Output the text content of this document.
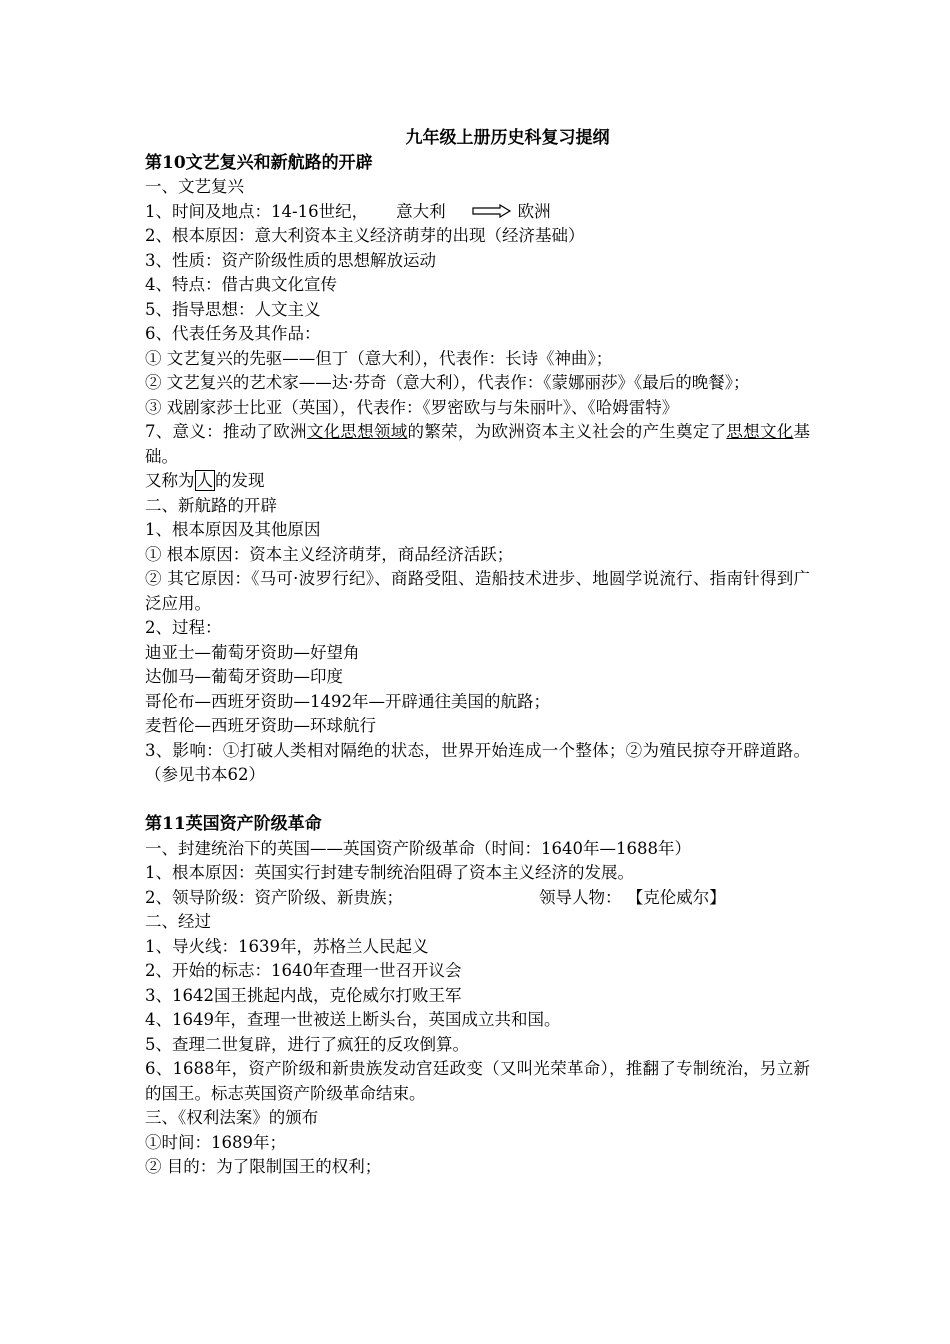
九年级上册历史科复习提纲
第10文艺复兴和新航路的开辟
一、文艺复兴
1、时间及地点：14-16世纪， 意大利	欧洲
2、根本原因：意大利资本主义经济萌芽的出现（经济基础）
3、性质：资产阶级性质的思想解放运动
4、特点：借古典文化宣传
5、指导思想：人文主义
6、代表任务及其作品：
① 文艺复兴的先驱——但丁（意大利），代表作：长诗《神曲》；
② 文艺复兴的艺术家——达·芬奇（意大利），代表作：《蒙娜丽莎》《最后的晚餐》；
③ 戏剧家莎士比亚（英国），代表作：《罗密欧与与朱丽叶》、《哈姆雷特》
7、意义：推动了欧洲文化思想领域的繁荣，为欧洲资本主义社会的产生奠定了思想文化基础。
又称为 人 的发现
二、新航路的开辟
1、根本原因及其他原因
① 根本原因：资本主义经济萌芽，商品经济活跃；
② 其它原因：《马可·波罗行纪》、商路受阻、造船技术进步、地圆学说流行、指南针得到广泛应用。
2、过程：
迪亚士—葡萄牙资助—好望角
达伽马—葡萄牙资助—印度
哥伦布—西班牙资助—1492年—开辟通往美国的航路；
麦哲伦—西班牙资助—环球航行
3、影响：①打破人类相对隔绝的状态，世界开始连成一个整体；②为殖民掠夺开辟道路。（参见书本62）
第11英国资产阶级革命
一、封建统治下的英国——英国资产阶级革命（时间：1640年—1688年）
1、根本原因：英国实行封建专制统治阻碍了资本主义经济的发展。
2、领导阶级：资产阶级、新贵族；	领导人物： 【克伦威尔】
二、经过
1、导火线：1639年，苏格兰人民起义
2、开始的标志：1640年查理一世召开议会
3、1642国王挑起内战，克伦威尔打败王军
4、1649年，查理一世被送上断头台，英国成立共和国。
5、查理二世复辟，进行了疯狂的反攻倒算。
6、1688年，资产阶级和新贵族发动宫廷政变（又叫光荣革命），推翻了专制统治，另立新的国王。标志英国资产阶级革命结束。
三、《权利法案》的颁布
①时间：1689年；
② 目的：为了限制国王的权利；
